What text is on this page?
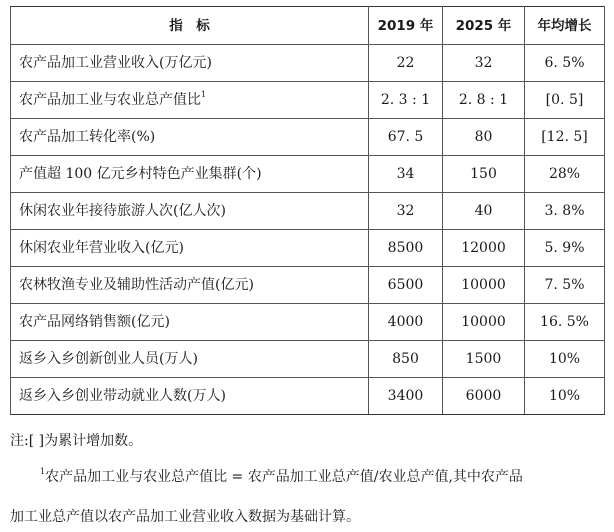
指　标	2019 年	2025 年	年均增长
农产品加工业营业收入(万亿元)	22	32	6. 5%
农产品加工业与农业总产值比$^1$	2. 3 : 1	2. 8 : 1	[0. 5]
农产品加工转化率(%)	67. 5	80	[12. 5]
产值超 100 亿元乡村特色产业集群(个)	34	150	28%
休闲农业年接待旅游人次(亿人次)	32	40	3. 8%
休闲农业年营业收入(亿元)	8500	12000	5. 9%
农林牧渔专业及辅助性活动产值(亿元)	6500	10000	7. 5%
农产品网络销售额(亿元)	4000	10000	16. 5%
返乡入乡创新创业人员(万人)	850	1500	10%
返乡入乡创业带动就业人数(万人)	3400	6000	10%
注:[ ]为累计增加数。
$^1$农产品加工业与农业总产值比 = 农产品加工业总产值/农业总产值,其中农产品
加工业总产值以农产品加工业营业收入数据为基础计算。
